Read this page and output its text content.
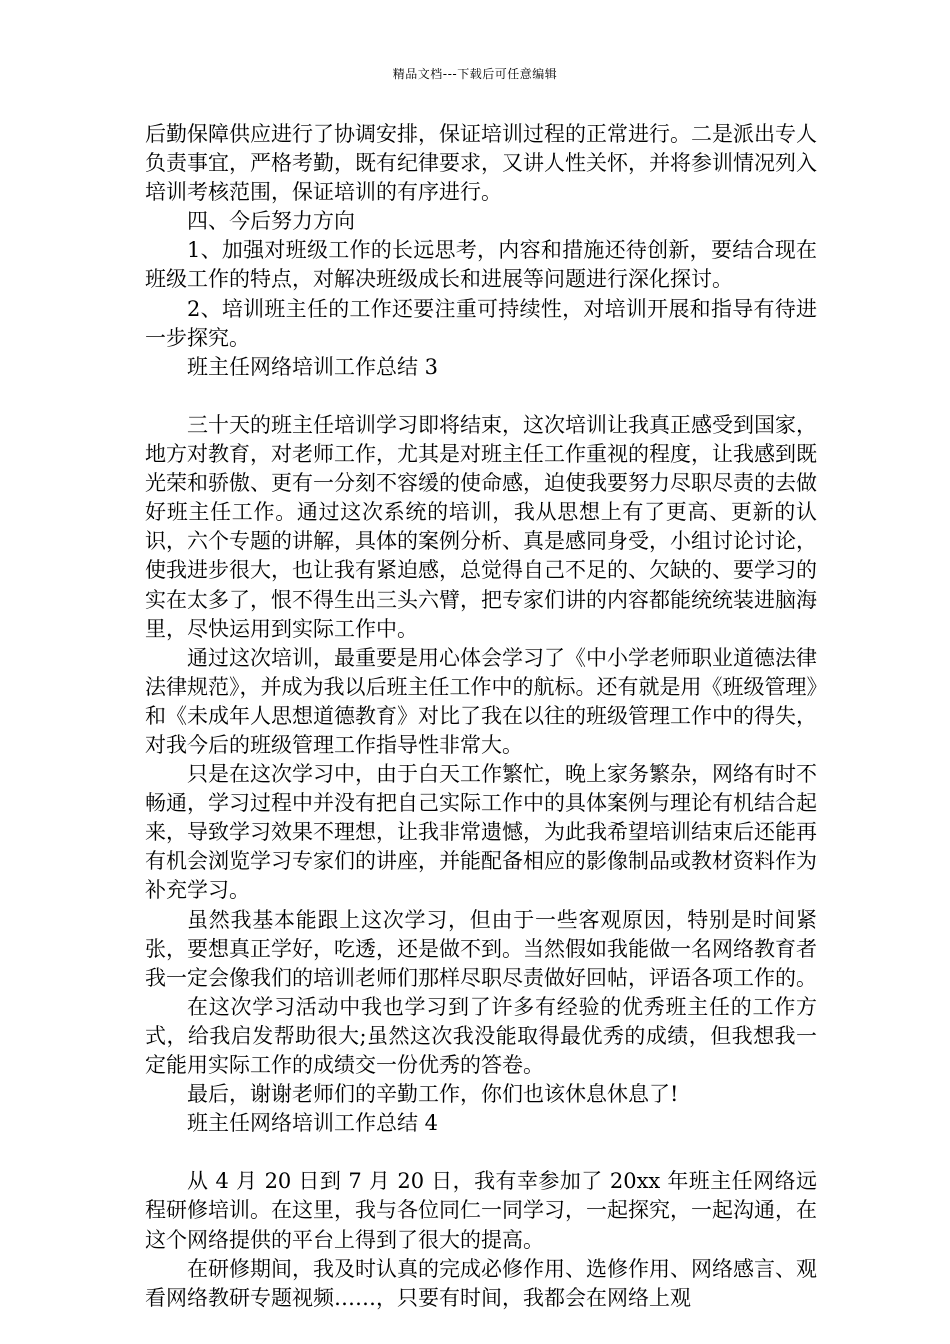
精品文档---下载后可任意编辑

后勤保障供应进行了协调安排，保证培训过程的正常进行。二是派出专人负责事宜，严格考勤，既有纪律要求，又讲人性关怀，并将参训情况列入培训考核范围，保证培训的有序进行。

四、今后努力方向

1、加强对班级工作的长远思考，内容和措施还待创新，要结合现在班级工作的特点，对解决班级成长和进展等问题进行深化探讨。

2、培训班主任的工作还要注重可持续性，对培训开展和指导有待进一步探究。

班主任网络培训工作总结 3

三十天的班主任培训学习即将结束，这次培训让我真正感受到国家，地方对教育，对老师工作，尤其是对班主任工作重视的程度，让我感到既光荣和骄傲、更有一分刻不容缓的使命感，迫使我要努力尽职尽责的去做好班主任工作。通过这次系统的培训，我从思想上有了更高、更新的认识，六个专题的讲解，具体的案例分析、真是感同身受，小组讨论讨论，使我进步很大，也让我有紧迫感，总觉得自己不足的、欠缺的、要学习的实在太多了，恨不得生出三头六臂，把专家们讲的内容都能统统装进脑海里，尽快运用到实际工作中。

通过这次培训，最重要是用心体会学习了《中小学老师职业道德法律法律规范》，并成为我以后班主任工作中的航标。还有就是用《班级管理》和《未成年人思想道德教育》对比了我在以往的班级管理工作中的得失，对我今后的班级管理工作指导性非常大。

只是在这次学习中，由于白天工作繁忙，晚上家务繁杂，网络有时不畅通，学习过程中并没有把自己实际工作中的具体案例与理论有机结合起来，导致学习效果不理想，让我非常遗憾，为此我希望培训结束后还能再有机会浏览学习专家们的讲座，并能配备相应的影像制品或教材资料作为补充学习。

虽然我基本能跟上这次学习，但由于一些客观原因，特别是时间紧张，要想真正学好，吃透，还是做不到。当然假如我能做一名网络教育者我一定会像我们的培训老师们那样尽职尽责做好回帖，评语各项工作的。

在这次学习活动中我也学习到了许多有经验的优秀班主任的工作方式，给我启发帮助很大;虽然这次我没能取得最优秀的成绩，但我想我一定能用实际工作的成绩交一份优秀的答卷。

最后，谢谢老师们的辛勤工作，你们也该休息休息了!

班主任网络培训工作总结 4

从 4 月 20 日到 7 月 20 日，我有幸参加了 20xx 年班主任网络远程研修培训。在这里，我与各位同仁一同学习，一起探究，一起沟通，在这个网络提供的平台上得到了很大的提高。

在研修期间，我及时认真的完成必修作用、选修作用、网络感言、观看网络教研专题视频……，只要有时间，我都会在网络上观
